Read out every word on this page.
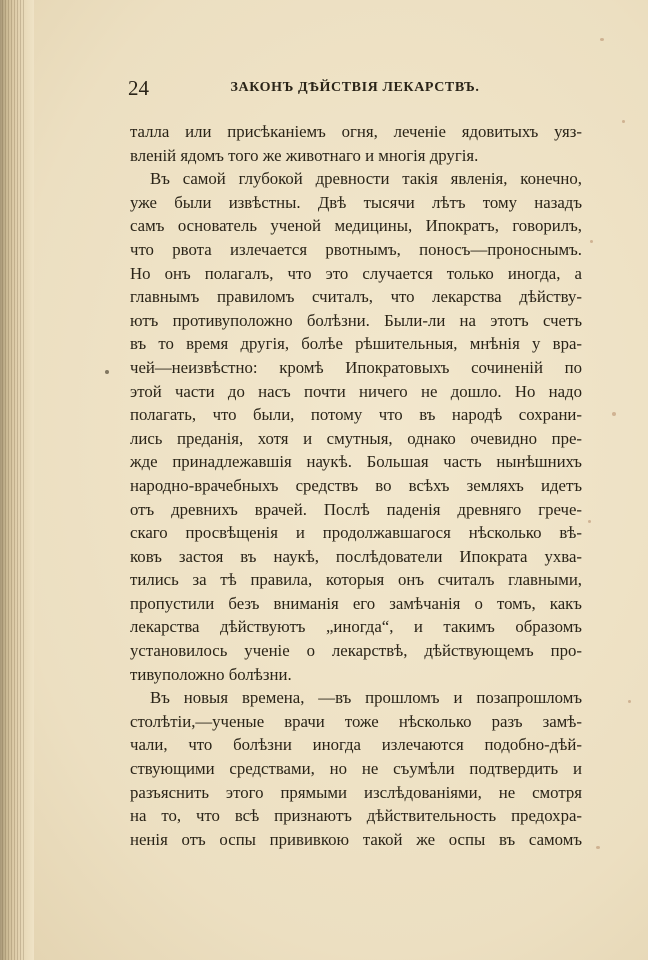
24	ЗАКОНЪ ДѢЙСТВІЯ ЛЕКАРСТВЪ.
талла или присѣканіемъ огня, леченіе ядовитыхъ уяз-
вленій ядомъ того же животнаго и многія другія.
Въ самой глубокой древности такія явленія, конечно,
уже были извѣстны. Двѣ тысячи лѣтъ тому назадъ
самъ основатель ученой медицины, Ипократъ, говорилъ,
что рвота излечается рвотнымъ, поносъ—проноснымъ.
Но онъ полагалъ, что это случается только иногда, а
главнымъ правиломъ считалъ, что лекарства дѣйству-
ютъ противуположно болѣзни. Были-ли на этотъ счетъ
въ то время другія, болѣе рѣшительныя, мнѣнія у вра-
чей—неизвѣстно: кромѣ Ипократовыхъ сочиненій по
этой части до насъ почти ничего не дошло. Но надо
полагать, что были, потому что въ народѣ сохрани-
лись преданія, хотя и смутныя, однако очевидно пре-
жде принадлежавшія наукѣ. Большая часть нынѣшнихъ
народно-врачебныхъ средствъ во всѣхъ земляхъ идетъ
отъ древнихъ врачей. Послѣ паденія древняго грече-
скаго просвѣщенія и продолжавшагося нѣсколько вѣ-
ковъ застоя въ наукѣ, послѣдователи Ипократа ухва-
тились за тѣ правила, которыя онъ считалъ главными,
пропустили безъ вниманія его замѣчанія о томъ, какъ
лекарства дѣйствуютъ „иногда“, и такимъ образомъ
установилось ученіе о лекарствѣ, дѣйствующемъ про-
тивуположно болѣзни.
Въ новыя времена, —въ прошломъ и позапрошломъ
столѣтіи,—ученые врачи тоже нѣсколько разъ замѣ-
чали, что болѣзни иногда излечаются подобно-дѣй-
ствующими средствами, но не съумѣли подтвердить и
разъяснить этого прямыми изслѣдованіями, не смотря
на то, что всѣ признаютъ дѣйствительность предохра-
ненія отъ оспы прививкою такой же оспы въ самомъ
